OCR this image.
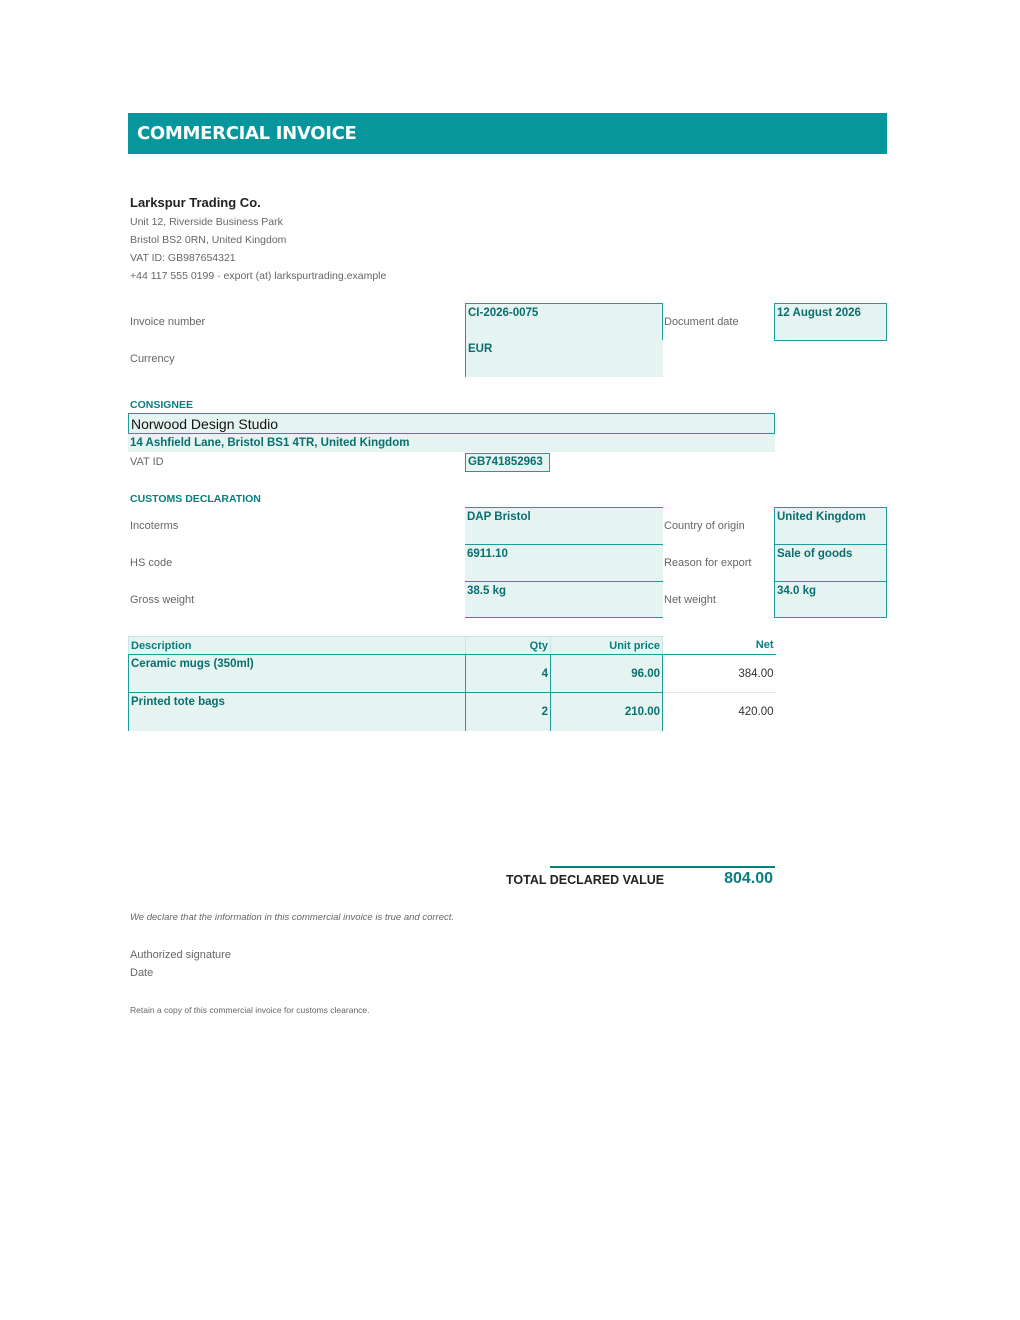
COMMERCIAL INVOICE
Larkspur Trading Co.
Unit 12, Riverside Business Park
Bristol BS2 0RN, United Kingdom
VAT ID: GB987654321
+44 117 555 0199 · export (at) larkspurtrading.example
Invoice number
CI-2026-0075
Document date
12 August 2026
Currency
EUR
CONSIGNEE
Norwood Design Studio
14 Ashfield Lane, Bristol BS1 4TR, United Kingdom
VAT ID	GB741852963
CUSTOMS DECLARATION
Incoterms
DAP Bristol
Country of origin
United Kingdom
HS code
6911.10
Reason for export
Sale of goods
Gross weight
38.5 kg
Net weight
34.0 kg
Description	Qty	Unit price	Net
Ceramic mugs (350ml)	4	96.00	384.00
Printed tote bags	2	210.00	420.00
TOTAL DECLARED VALUE	804.00
We declare that the information in this commercial invoice is true and correct.
Authorized signature
Date
Retain a copy of this commercial invoice for customs clearance.
